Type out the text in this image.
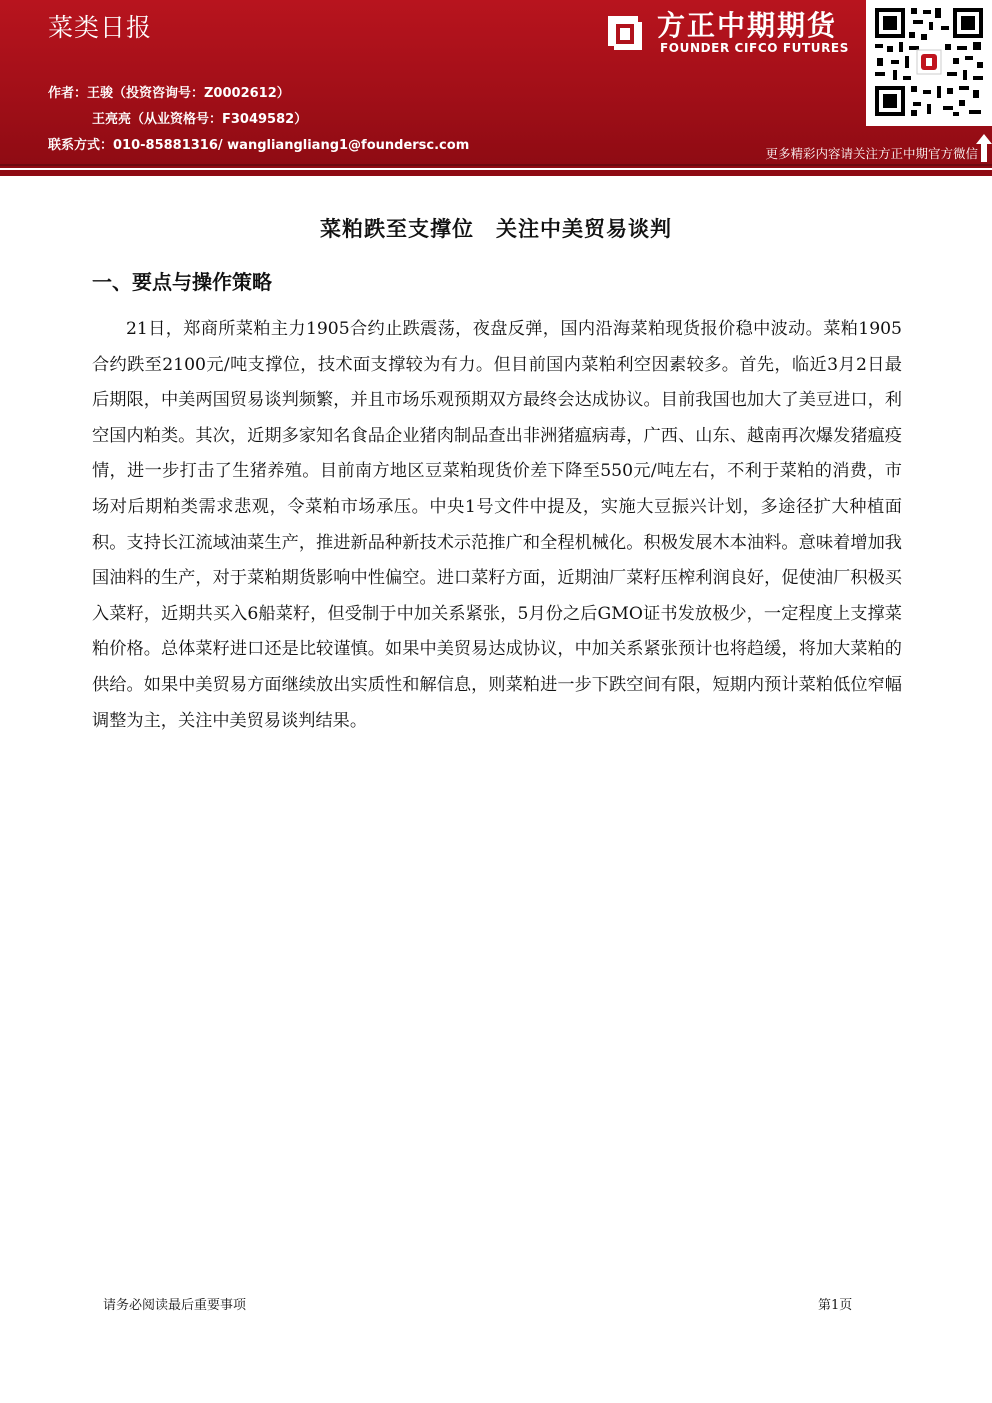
菜类日报	方正中期期货
FOUNDER CIFCO FUTURES
作者：王骏（投资咨询号：Z0002612）
王亮亮（从业资格号：F3049582）
联系方式：010-85881316/ wangliangliang1@foundersc.com
更多精彩内容请关注方正中期官方微信
菜粕跌至支撑位　关注中美贸易谈判
一、要点与操作策略

21日，郑商所菜粕主力1905合约止跌震荡，夜盘反弹，国内沿海菜粕现货报价稳中波动。菜粕1905合约跌至2100元/吨支撑位，技术面支撑较为有力。但目前国内菜粕利空因素较多。首先，临近3月2日最后期限，中美两国贸易谈判频繁，并且市场乐观预期双方最终会达成协议。目前我国也加大了美豆进口，利空国内粕类。其次，近期多家知名食品企业猪肉制品查出非洲猪瘟病毒，广西、山东、越南再次爆发猪瘟疫情，进一步打击了生猪养殖。目前南方地区豆菜粕现货价差下降至550元/吨左右，不利于菜粕的消费，市场对后期粕类需求悲观，令菜粕市场承压。中央1号文件中提及，实施大豆振兴计划，多途径扩大种植面积。支持长江流域油菜生产，推进新品种新技术示范推广和全程机械化。积极发展木本油料。意味着增加我国油料的生产，对于菜粕期货影响中性偏空。进口菜籽方面，近期油厂菜籽压榨利润良好，促使油厂积极买入菜籽，近期共买入6船菜籽，但受制于中加关系紧张，5月份之后GMO证书发放极少，一定程度上支撑菜粕价格。总体菜籽进口还是比较谨慎。如果中美贸易达成协议，中加关系紧张预计也将趋缓，将加大菜粕的供给。如果中美贸易方面继续放出实质性和解信息，则菜粕进一步下跌空间有限，短期内预计菜粕低位窄幅调整为主，关注中美贸易谈判结果。

请务必阅读最后重要事项	第1页
